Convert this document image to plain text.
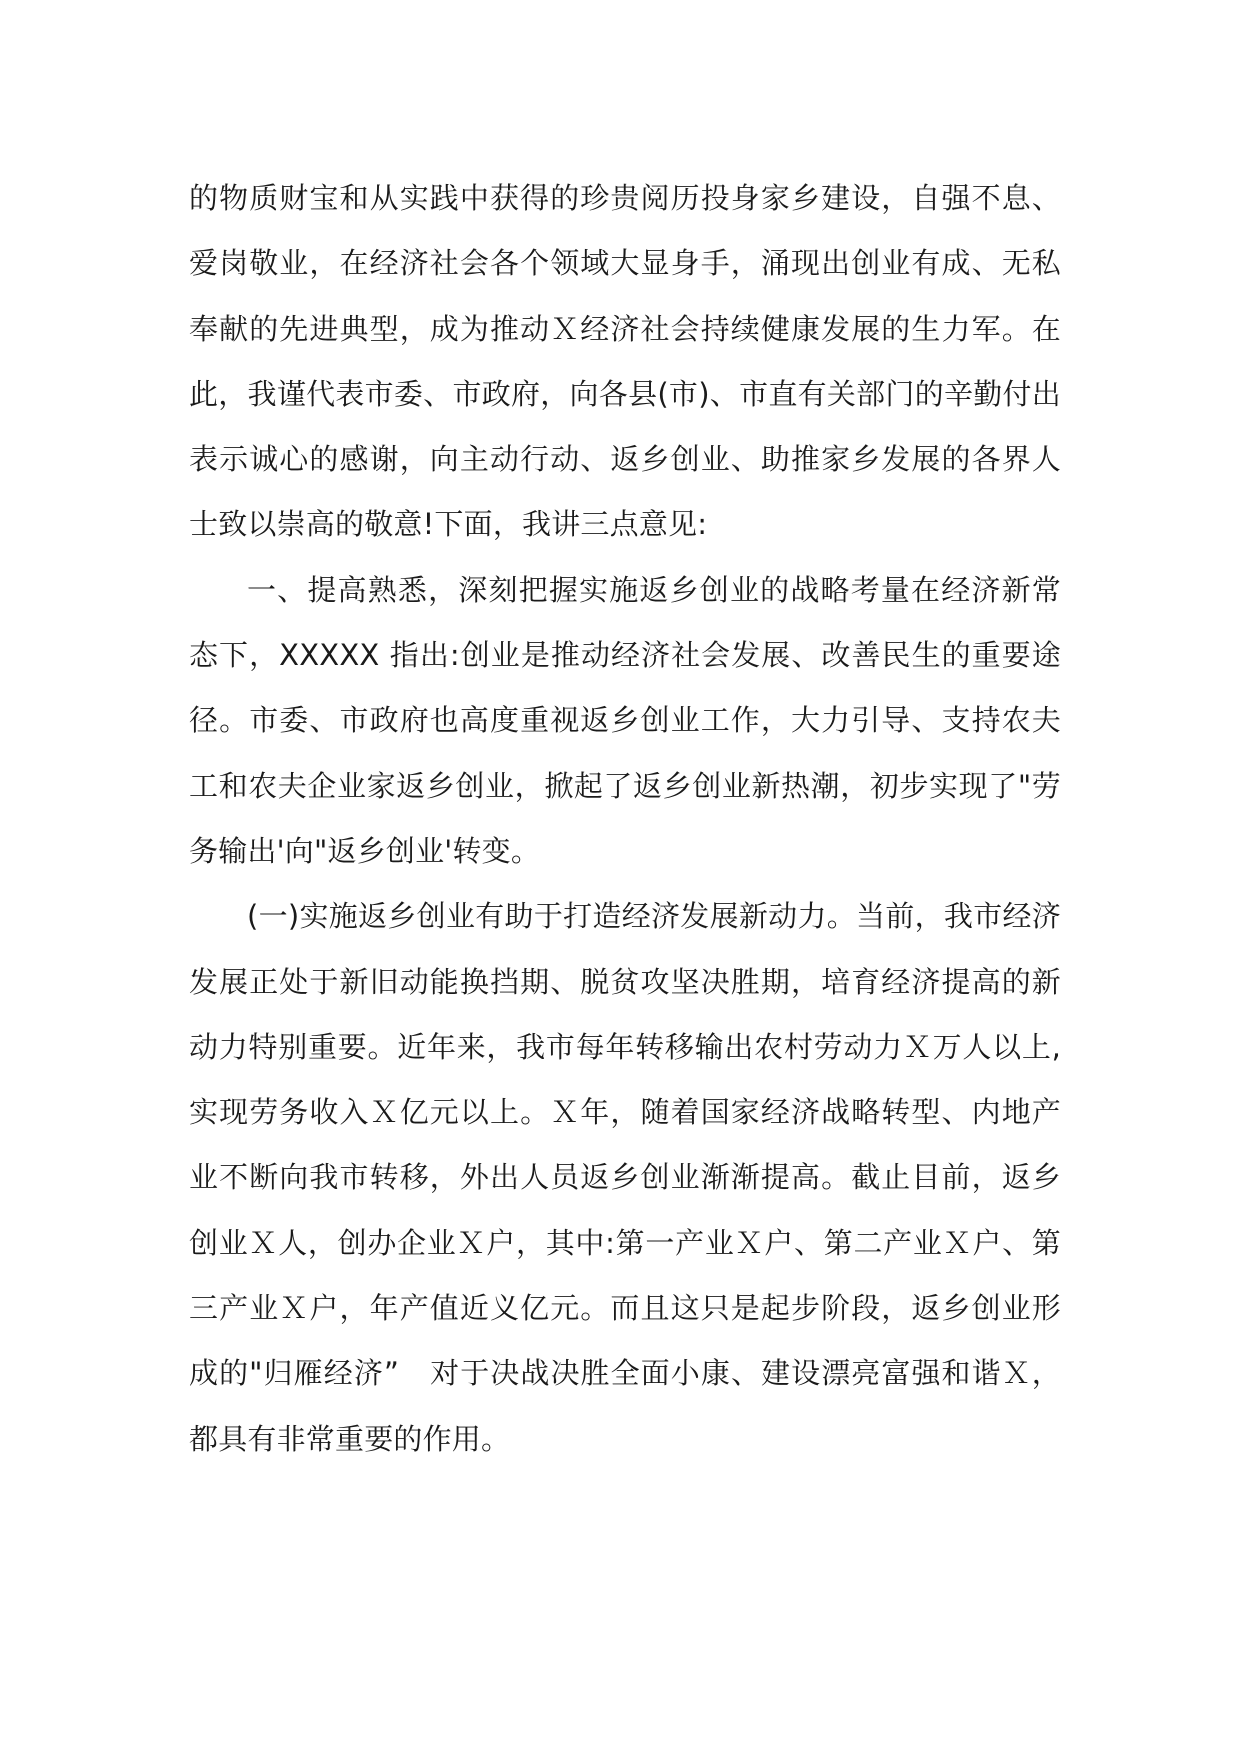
的物质财宝和从实践中获得的珍贵阅历投身家乡建设，自强不息、爱岗敬业，在经济社会各个领域大显身手，涌现出创业有成、无私奉献的先进典型，成为推动Ｘ经济社会持续健康发展的生力军。在此，我谨代表市委、市政府，向各县(市)、市直有关部门的辛勤付出表示诚心的感谢，向主动行动、返乡创业、助推家乡发展的各界人士致以崇高的敬意!下面，我讲三点意见:

一、提高熟悉，深刻把握实施返乡创业的战略考量在经济新常态下，XXXXX 指出:创业是推动经济社会发展、改善民生的重要途径。市委、市政府也高度重视返乡创业工作，大力引导、支持农夫工和农夫企业家返乡创业，掀起了返乡创业新热潮，初步实现了"劳务输出'向"返乡创业'转变。

(一)实施返乡创业有助于打造经济发展新动力。当前，我市经济发展正处于新旧动能换挡期、脱贫攻坚决胜期，培育经济提高的新动力特别重要。近年来，我市每年转移输出农村劳动力Ｘ万人以上,实现劳务收入Ｘ亿元以上。Ｘ年，随着国家经济战略转型、内地产业不断向我市转移，外出人员返乡创业渐渐提高。截止目前，返乡创业Ｘ人，创办企业Ｘ户，其中:第一产业Ｘ户、第二产业Ｘ户、第三产业Ｘ户，年产值近义亿元。而且这只是起步阶段，返乡创业形成的"归雁经济”　对于决战决胜全面小康、建设漂亮富强和谐Ｘ，都具有非常重要的作用。
